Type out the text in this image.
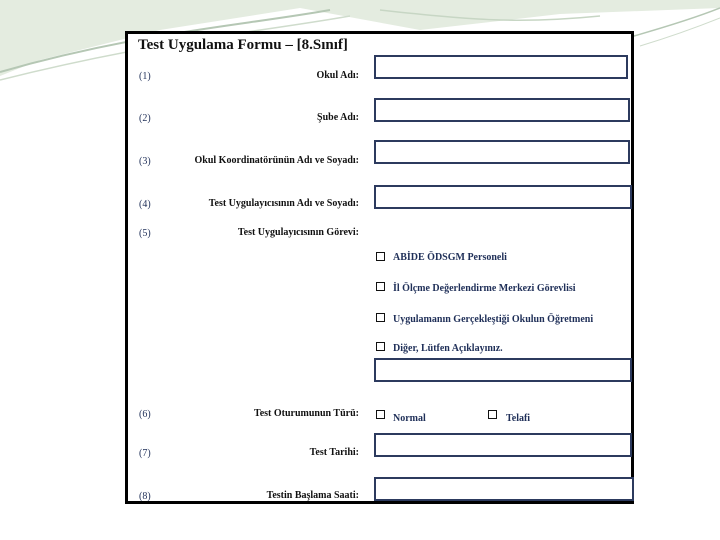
Test Uygulama Formu – [8.Sınıf]
(1)	Okul Adı:
(2)	Şube Adı:
(3)	Okul Koordinatörünün Adı ve Soyadı:
(4)	Test Uygulayıcısının Adı ve Soyadı:
(5)	Test Uygulayıcısının Görevi:
ABİDE ÖDSGM Personeli
İl Ölçme Değerlendirme Merkezi Görevlisi
Uygulamanın Gerçekleştiği Okulun Öğretmeni
Diğer, Lütfen Açıklayınız.
(6)	Test Oturumunun Türü:	Normal	Telafi
(7)	Test Tarihi:
(8)	Testin Başlama Saati:
